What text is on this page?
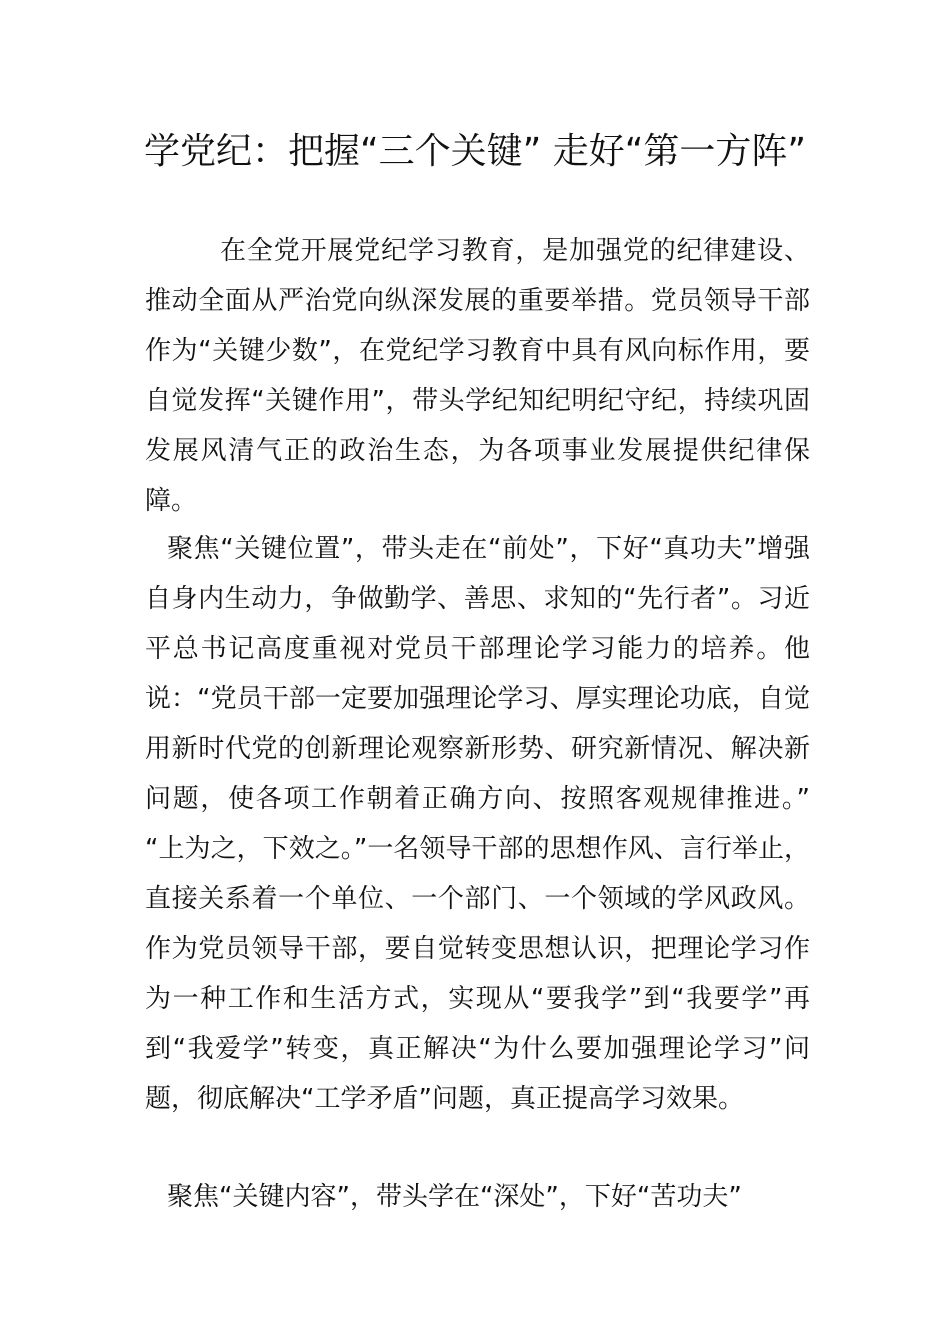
学党纪：把握“三个关键” 走好“第一方阵”

在全党开展党纪学习教育，是加强党的纪律建设、推动全面从严治党向纵深发展的重要举措。党员领导干部作为“关键少数”，在党纪学习教育中具有风向标作用，要自觉发挥“关键作用”，带头学纪知纪明纪守纪，持续巩固发展风清气正的政治生态，为各项事业发展提供纪律保障。

聚焦“关键位置”，带头走在“前处”，下好“真功夫”增强自身内生动力，争做勤学、善思、求知的“先行者”。习近平总书记高度重视对党员干部理论学习能力的培养。他说：“党员干部一定要加强理论学习、厚实理论功底，自觉用新时代党的创新理论观察新形势、研究新情况、解决新问题，使各项工作朝着正确方向、按照客观规律推进。” “上为之，下效之。”一名领导干部的思想作风、言行举止，直接关系着一个单位、一个部门、一个领域的学风政风。作为党员领导干部，要自觉转变思想认识，把理论学习作为一种工作和生活方式，实现从“要我学”到“我要学”再到“我爱学”转变，真正解决“为什么要加强理论学习”问题，彻底解决“工学矛盾”问题，真正提高学习效果。

聚焦“关键内容”，带头学在“深处”，下好“苦功夫”
